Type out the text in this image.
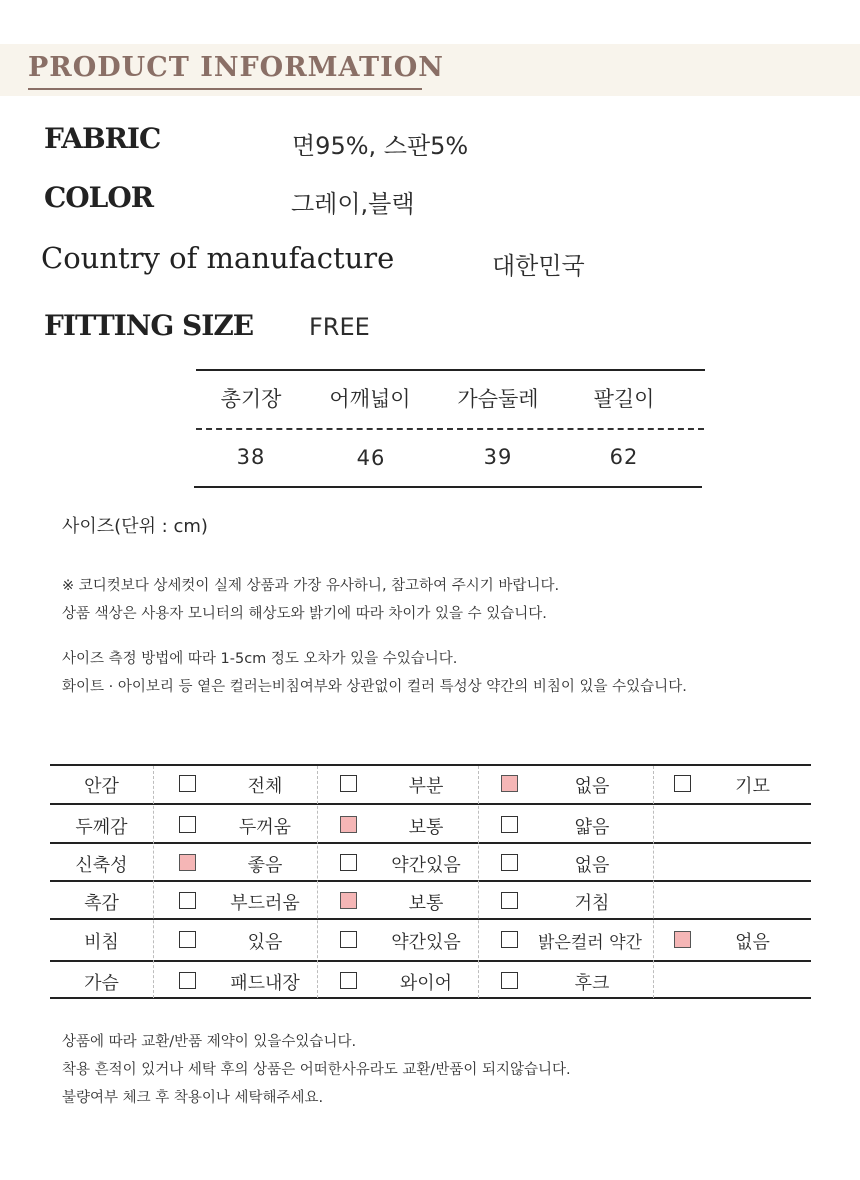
PRODUCT INFORMATION
FABRIC	면95%, 스판5%
COLOR	그레이,블랙
Country of manufacture	대한민국
FITTING SIZE FREE
총기장	어깨넓이	가슴둘레	팔길이
38	46	39	62
사이즈(단위 : cm)
※ 코디컷보다 상세컷이 실제 상품과 가장 유사하니, 참고하여 주시기 바랍니다.
상품 색상은 사용자 모니터의 해상도와 밝기에 따라 차이가 있을 수 있습니다.
사이즈 측정 방법에 따라 1-5cm 정도 오차가 있을 수있습니다.
화이트 · 아이보리 등 옅은 컬러는비침여부와 상관없이 컬러 특성상 약간의 비침이 있을 수있습니다.
안감	전체	부분	없음	기모
두께감	두꺼움	보통	얇음
신축성	좋음	약간있음	없음
촉감	부드러움	보통	거침
비침	있음	약간있음	밝은컬러 약간	없음
가슴	패드내장	와이어	후크
상품에 따라 교환/반품 제약이 있을수있습니다.
착용 흔적이 있거나 세탁 후의 상품은 어떠한사유라도 교환/반품이 되지않습니다.
불량여부 체크 후 착용이나 세탁해주세요.
